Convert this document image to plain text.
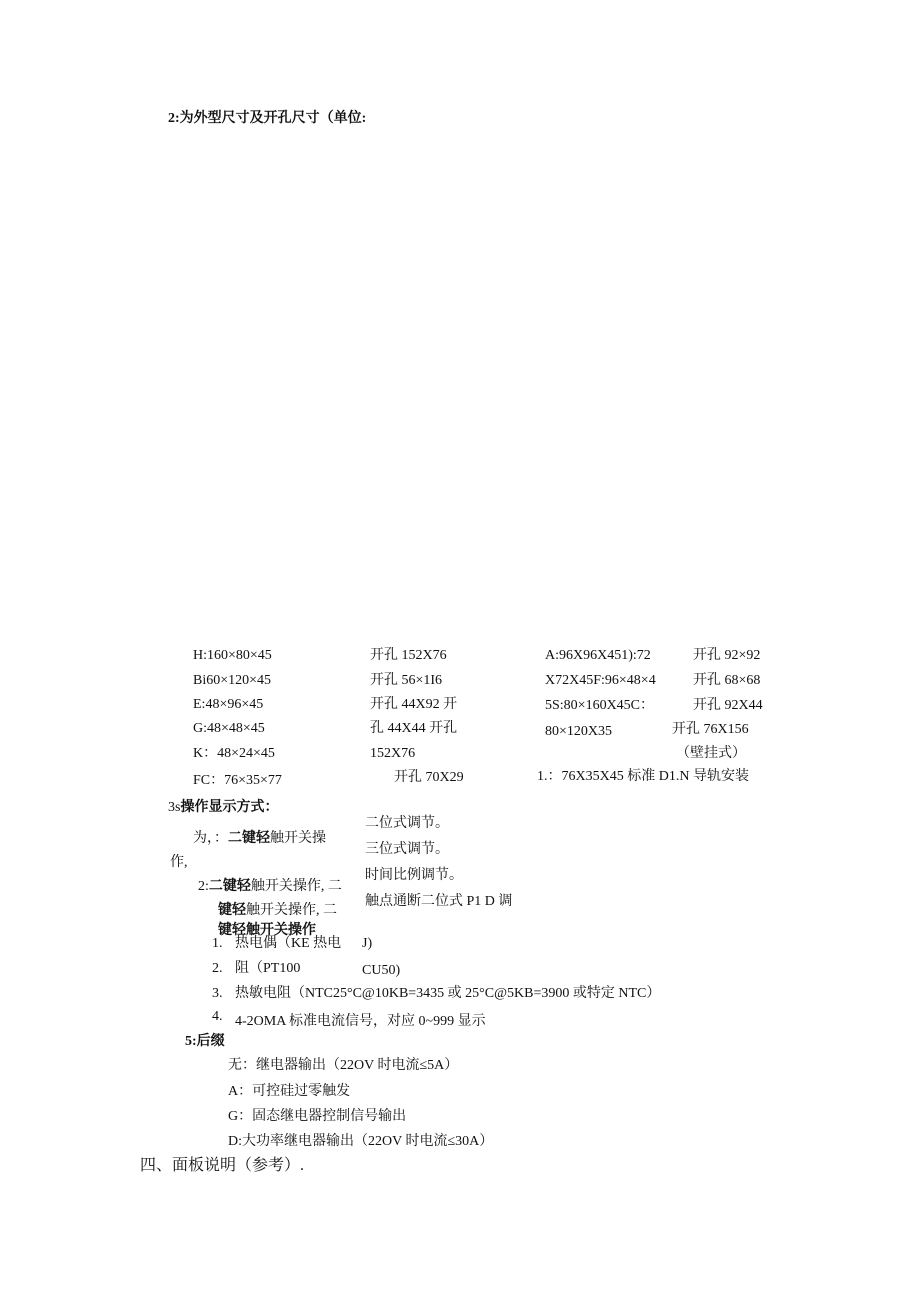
2:为外型尺寸及开孔尺寸（单位:
H:160×80×45
Bi60×120×45
E:48×96×45
G:48×48×45
K：48×24×45
FC：76×35×77
开孔 152X76
开孔 56×1I6
开孔 44X92 开
孔 44X44 开孔
152X76
开孔 70X29
A:96X96X451):72
X72X45F:96×48×4
5S:80×160X45C：
80×120X35
1.：76X35X45 标准 D1.N 导轨安装
开孔 92×92
开孔 68×68
开孔 92X44
开孔 76X156
（壁挂式）
3s操作显示方式：
为，：二键轻触开关操
作,
2:二键轻触开关操作, 二
键轻触开关操作, 二
键轻触开关操作
二位式调节。
三位式调节。
时间比例调节。
触点通断二位式 P1 D 调
1. 热电偶（KE 热电 J)
2. 阻（PT100	CU50)
3. 热敏电阻（NTC25°C@10KB=3435 或 25°C@5KB=3900 或特定 NTC）
4. 4-2OMA 标准电流信号，对应 0~999 显示
5:后缀
无：继电器输出（22OV 时电流≤5A）
A：可控硅过零触发
G：固态继电器控制信号输出
D:大功率继电器输出（22OV 时电流≤30A）
四、面板说明（参考）.
